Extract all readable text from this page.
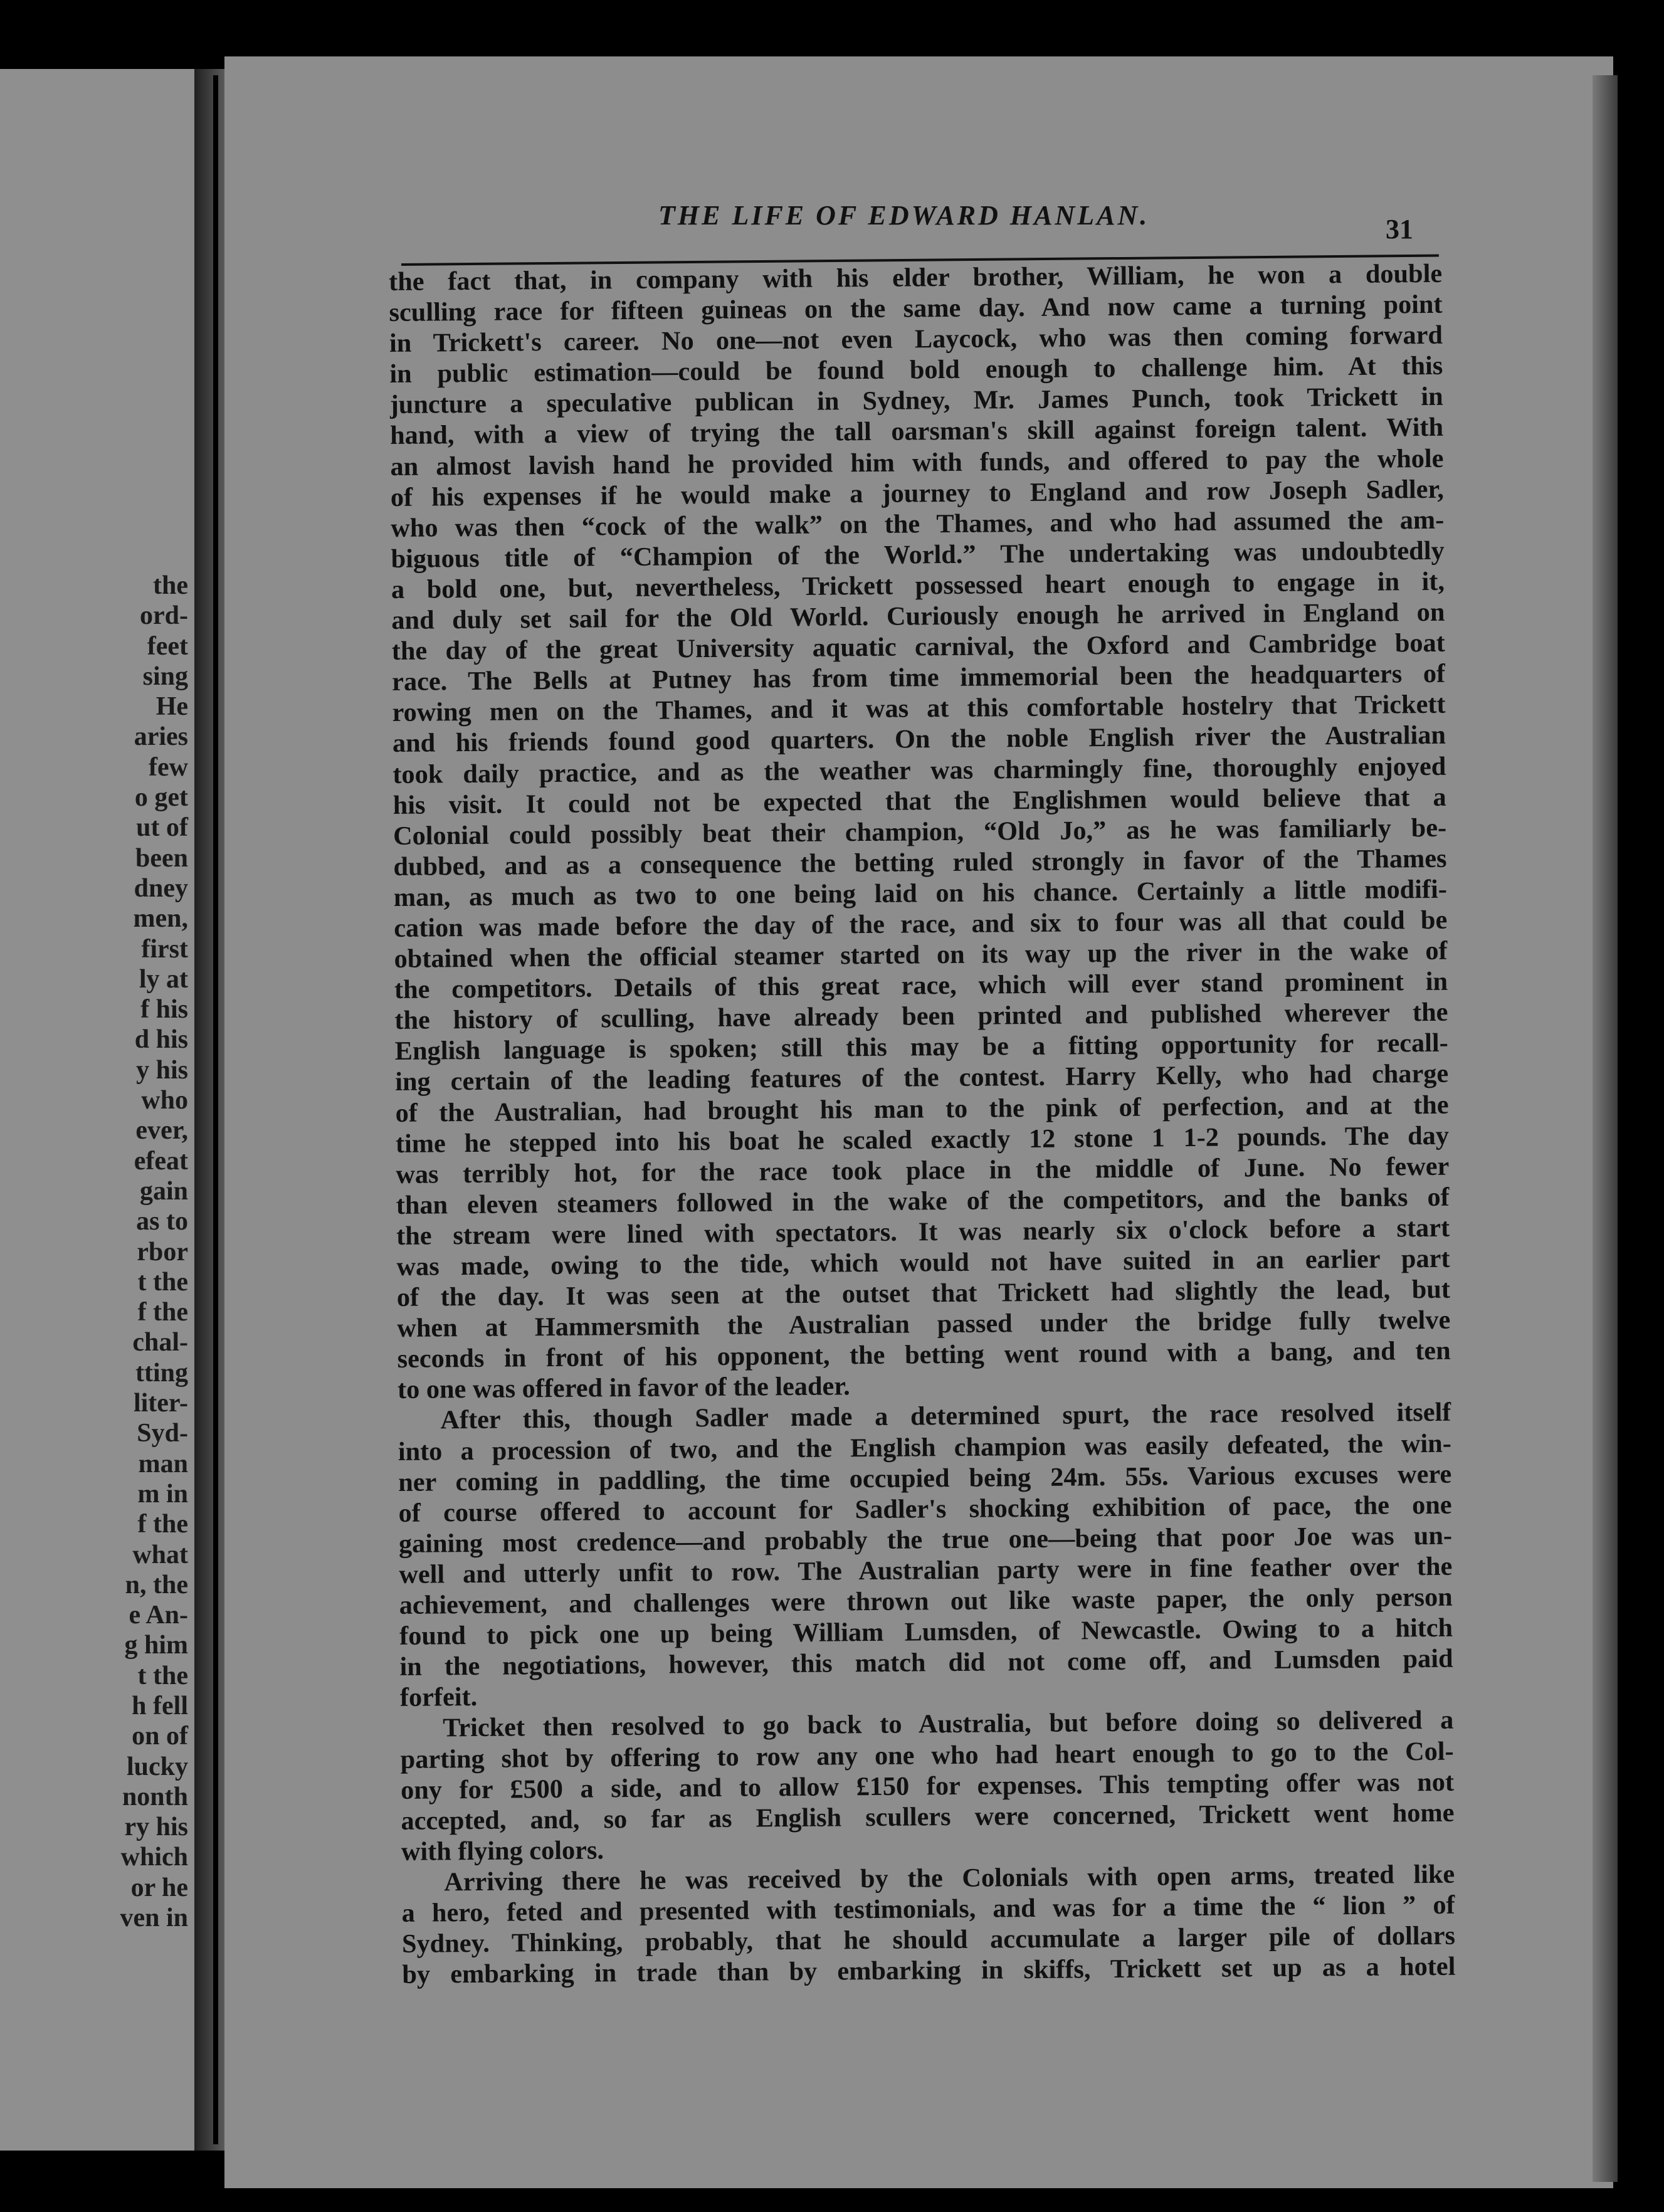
the
ord-
feet
sing
He
aries
few
o get
ut of
been
dney
men,
first
ly at
f his
d his
y his
who
ever,
efeat
gain
as to
rbor
t the
f the
chal-
tting
liter-
Syd-
man
m in
f the
what
n, the
e An-
g him
t the
h fell
on of
lucky
nonth
ry his
which
or he
ven in
THE LIFE OF EDWARD HANLAN.	31
the fact that, in company with his elder brother, William, he won a double
sculling race for fifteen guineas on the same day. And now came a turning point
in Trickett's career. No one—not even Laycock, who was then coming forward
in public estimation—could be found bold enough to challenge him. At this
juncture a speculative publican in Sydney, Mr. James Punch, took Trickett in
hand, with a view of trying the tall oarsman's skill against foreign talent. With
an almost lavish hand he provided him with funds, and offered to pay the whole
of his expenses if he would make a journey to England and row Joseph Sadler,
who was then “cock of the walk” on the Thames, and who had assumed the am-
biguous title of “Champion of the World.” The undertaking was undoubtedly
a bold one, but, nevertheless, Trickett possessed heart enough to engage in it,
and duly set sail for the Old World. Curiously enough he arrived in England on
the day of the great University aquatic carnival, the Oxford and Cambridge boat
race. The Bells at Putney has from time immemorial been the headquarters of
rowing men on the Thames, and it was at this comfortable hostelry that Trickett
and his friends found good quarters. On the noble English river the Australian
took daily practice, and as the weather was charmingly fine, thoroughly enjoyed
his visit. It could not be expected that the Englishmen would believe that a
Colonial could possibly beat their champion, “Old Jo,” as he was familiarly be-
dubbed, and as a consequence the betting ruled strongly in favor of the Thames
man, as much as two to one being laid on his chance. Certainly a little modifi-
cation was made before the day of the race, and six to four was all that could be
obtained when the official steamer started on its way up the river in the wake of
the competitors. Details of this great race, which will ever stand prominent in
the history of sculling, have already been printed and published wherever the
English language is spoken; still this may be a fitting opportunity for recall-
ing certain of the leading features of the contest. Harry Kelly, who had charge
of the Australian, had brought his man to the pink of perfection, and at the
time he stepped into his boat he scaled exactly 12 stone 1 1-2 pounds. The day
was terribly hot, for the race took place in the middle of June. No fewer
than eleven steamers followed in the wake of the competitors, and the banks of
the stream were lined with spectators. It was nearly six o'clock before a start
was made, owing to the tide, which would not have suited in an earlier part
of the day. It was seen at the outset that Trickett had slightly the lead, but
when at Hammersmith the Australian passed under the bridge fully twelve
seconds in front of his opponent, the betting went round with a bang, and ten
to one was offered in favor of the leader.
After this, though Sadler made a determined spurt, the race resolved itself
into a procession of two, and the English champion was easily defeated, the win-
ner coming in paddling, the time occupied being 24m. 55s. Various excuses were
of course offered to account for Sadler's shocking exhibition of pace, the one
gaining most credence—and probably the true one—being that poor Joe was un-
well and utterly unfit to row. The Australian party were in fine feather over the
achievement, and challenges were thrown out like waste paper, the only person
found to pick one up being William Lumsden, of Newcastle. Owing to a hitch
in the negotiations, however, this match did not come off, and Lumsden paid
forfeit.
Tricket then resolved to go back to Australia, but before doing so delivered a
parting shot by offering to row any one who had heart enough to go to the Col-
ony for £500 a side, and to allow £150 for expenses. This tempting offer was not
accepted, and, so far as English scullers were concerned, Trickett went home
with flying colors.
Arriving there he was received by the Colonials with open arms, treated like
a hero, feted and presented with testimonials, and was for a time the “ lion ” of
Sydney. Thinking, probably, that he should accumulate a larger pile of dollars
by embarking in trade than by embarking in skiffs, Trickett set up as a hotel
